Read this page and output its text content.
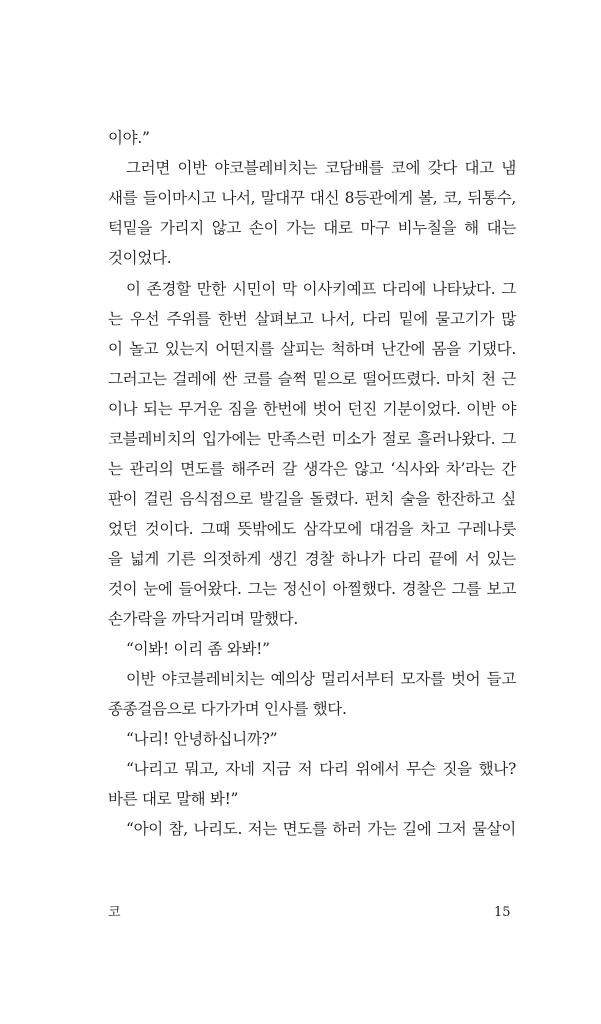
이야.”
그러면 이반 야코블레비치는 코담배를 코에 갖다 대고 냄
새를 들이마시고 나서, 말대꾸 대신 8등관에게 볼, 코, 뒤통수,
턱밑을 가리지 않고 손이 가는 대로 마구 비누칠을 해 대는
것이었다.
이 존경할 만한 시민이 막 이사키예프 다리에 나타났다. 그
는 우선 주위를 한번 살펴보고 나서, 다리 밑에 물고기가 많
이 놀고 있는지 어떤지를 살피는 척하며 난간에 몸을 기댔다.
그러고는 걸레에 싼 코를 슬쩍 밑으로 떨어뜨렸다. 마치 천 근
이나 되는 무거운 짐을 한번에 벗어 던진 기분이었다. 이반 야
코블레비치의 입가에는 만족스런 미소가 절로 흘러나왔다. 그
는 관리의 면도를 해주러 갈 생각은 않고 ‘식사와 차’라는 간
판이 걸린 음식점으로 발길을 돌렸다. 펀치 술을 한잔하고 싶
었던 것이다. 그때 뜻밖에도 삼각모에 대검을 차고 구레나룻
을 넓게 기른 의젓하게 생긴 경찰 하나가 다리 끝에 서 있는
것이 눈에 들어왔다. 그는 정신이 아찔했다. 경찰은 그를 보고
손가락을 까닥거리며 말했다.
“이봐! 이리 좀 와봐!”
이반 야코블레비치는 예의상 멀리서부터 모자를 벗어 들고
종종걸음으로 다가가며 인사를 했다.
“나리! 안녕하십니까?”
“나리고 뭐고, 자네 지금 저 다리 위에서 무슨 짓을 했나?
바른 대로 말해 봐!”
“아이 참, 나리도. 저는 면도를 하러 가는 길에 그저 물살이
코	15
